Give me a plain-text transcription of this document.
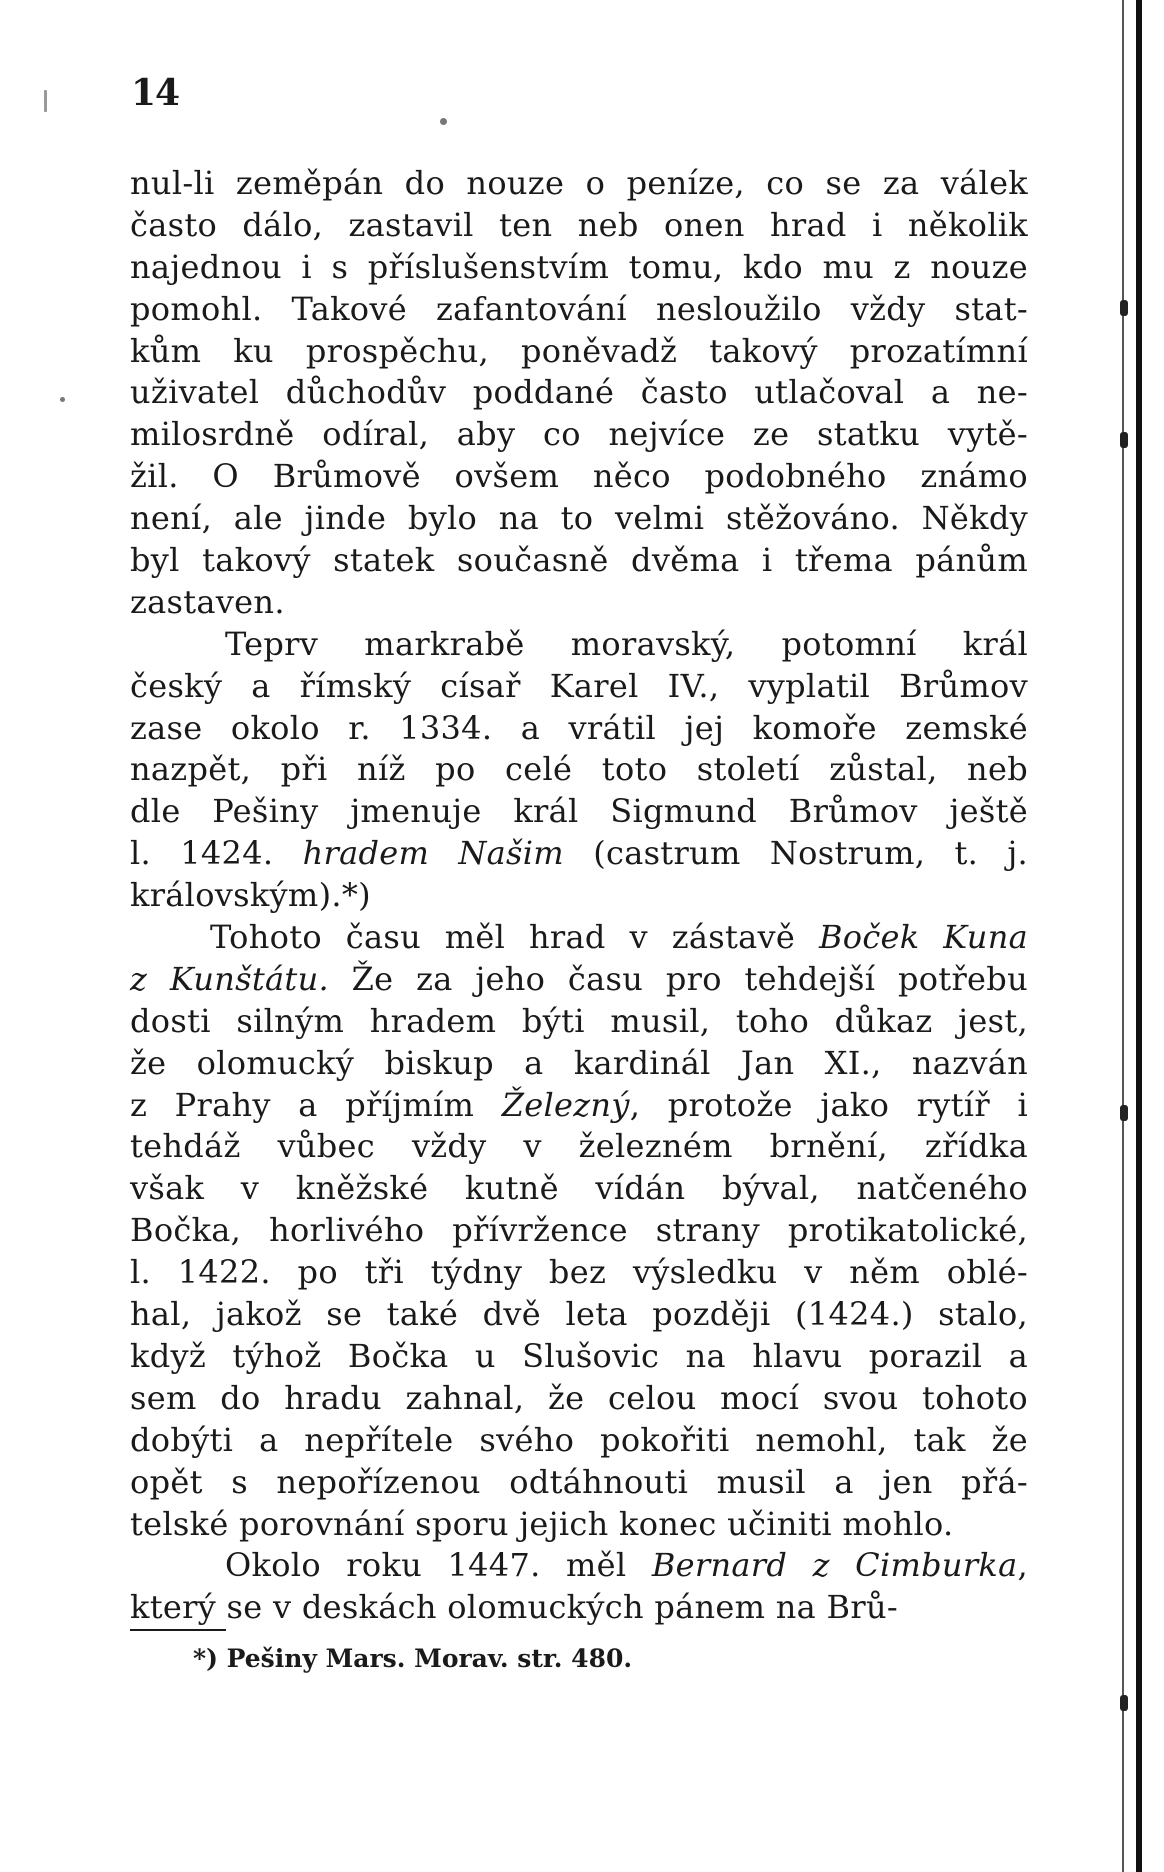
14
nul-li zeměpán do nouze o peníze, co se za válek
často dálo, zastavil ten neb onen hrad i několik
najednou i s příslušenstvím tomu, kdo mu z nouze
pomohl. Takové zafantování nesloužilo vždy stat-
kům ku prospěchu, poněvadž takový prozatímní
uživatel důchodův poddané často utlačoval a ne-
milosrdně odíral, aby co nejvíce ze statku vytě-
žil. O Brůmově ovšem něco podobného známo
není, ale jinde bylo na to velmi stěžováno. Někdy
byl takový statek současně dvěma i třema pánům
zastaven.
Teprv markrabě moravský, potomní král
český a římský císař Karel IV., vyplatil Brůmov
zase okolo r. 1334. a vrátil jej komoře zemské
nazpět, při níž po celé toto století zůstal, neb
dle Pešiny jmenuje král Sigmund Brůmov ještě
l. 1424. hradem Našim (castrum Nostrum, t. j.
královským).*)
Tohoto času měl hrad v zástavě Boček Kuna
z Kunštátu. Že za jeho času pro tehdejší potřebu
dosti silným hradem býti musil, toho důkaz jest,
že olomucký biskup a kardinál Jan XI., nazván
z Prahy a příjmím Železný, protože jako rytíř i
tehdáž vůbec vždy v železném brnění, zřídka
však v kněžské kutně vídán býval, natčeného
Bočka, horlivého přívržence strany protikatolické,
l. 1422. po tři týdny bez výsledku v něm oblé-
hal, jakož se také dvě leta později (1424.) stalo,
když týhož Bočka u Slušovic na hlavu porazil a
sem do hradu zahnal, že celou mocí svou tohoto
dobýti a nepřítele svého pokořiti nemohl, tak že
opět s nepořízenou odtáhnouti musil a jen přá-
telské porovnání sporu jejich konec učiniti mohlo.
Okolo roku 1447. měl Bernard z Cimburka,
který se v deskách olomuckých pánem na Brů-
*) Pešiny Mars. Morav. str. 480.
